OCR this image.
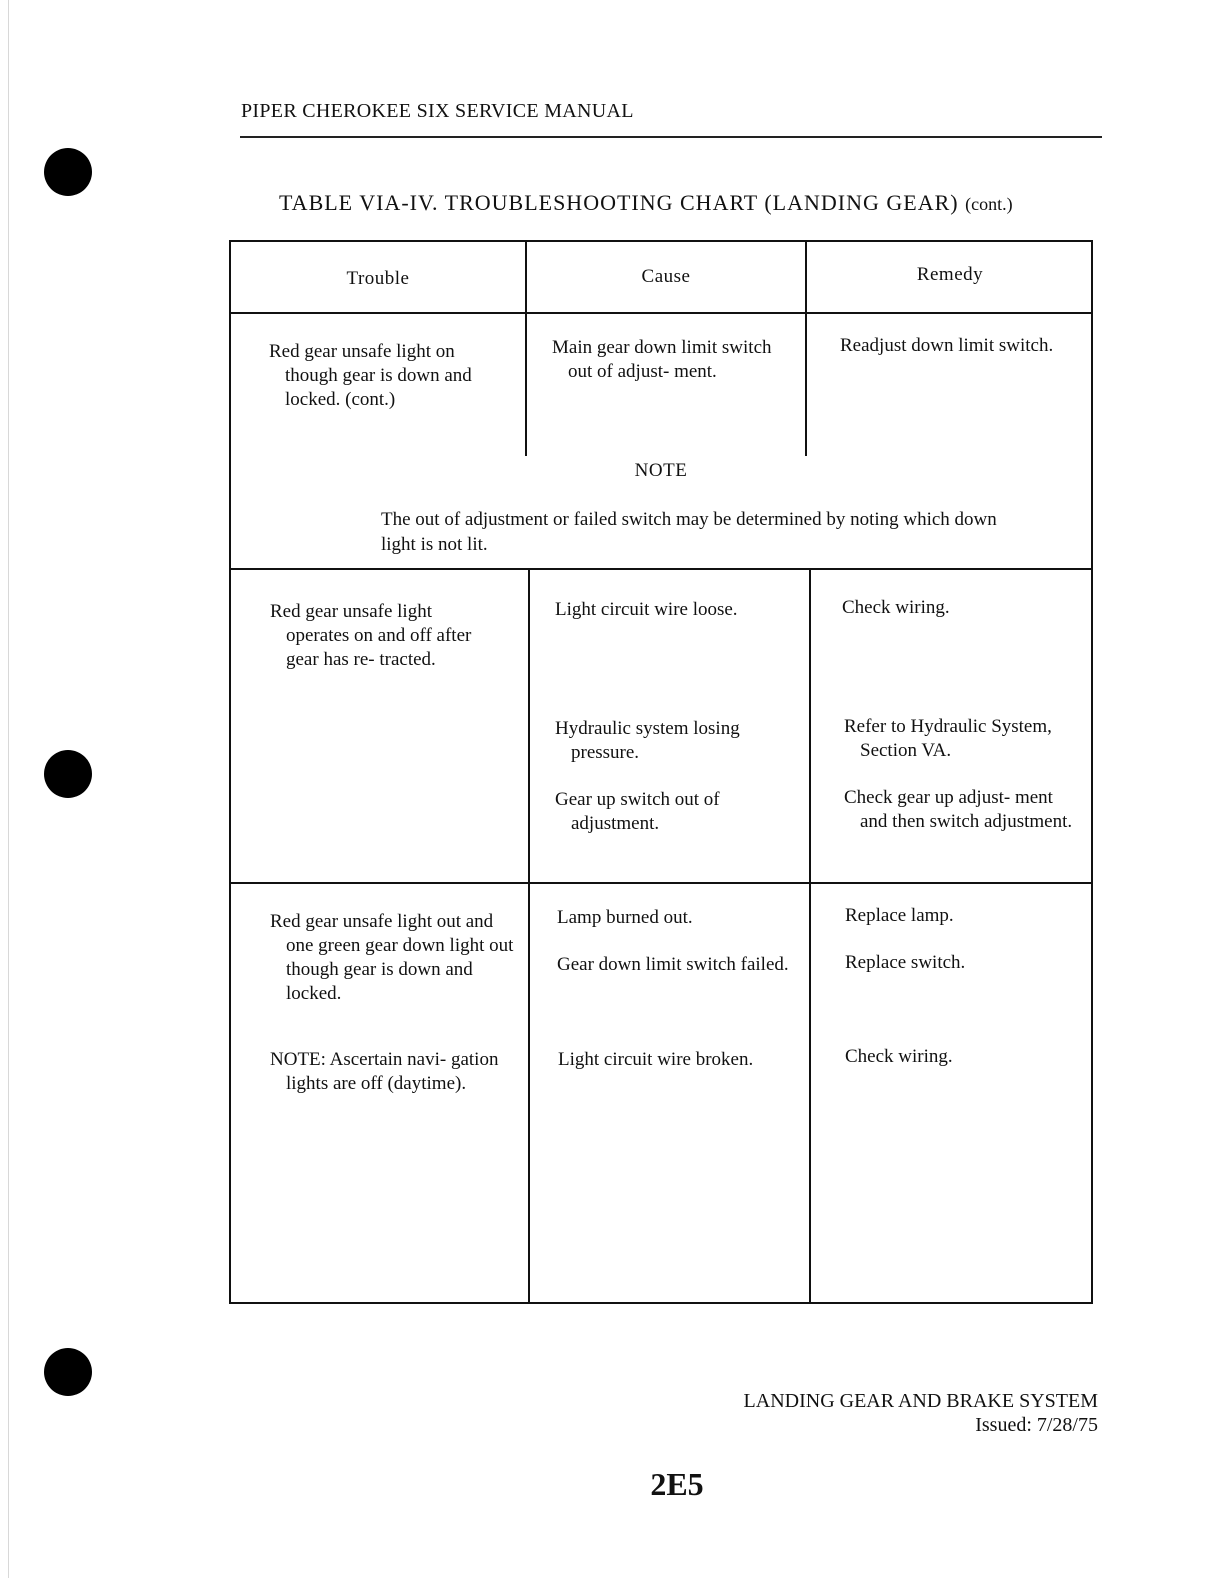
PIPER CHEROKEE SIX SERVICE MANUAL
TABLE VIA-IV. TROUBLESHOOTING CHART (LANDING GEAR) (cont.)
Trouble	Cause	Remedy
Red gear unsafe light on though gear is down and locked. (cont.)
Main gear down limit switch out of adjust- ment.
Readjust down limit switch.
NOTE
The out of adjustment or failed switch may be determined by noting which down light is not lit.
Red gear unsafe light operates on and off after gear has re- tracted.
Light circuit wire loose.
Hydraulic system losing pressure.
Gear up switch out of adjustment.
Check wiring.
Refer to Hydraulic System, Section VA.
Check gear up adjust- ment and then switch adjustment.
Red gear unsafe light out and one green gear down light out though gear is down and locked.
NOTE: Ascertain navi- gation lights are off (daytime).
Lamp burned out.
Gear down limit switch failed.
Light circuit wire broken.
Replace lamp.
Replace switch.
Check wiring.
LANDING GEAR AND BRAKE SYSTEM
Issued: 7/28/75
2E5
